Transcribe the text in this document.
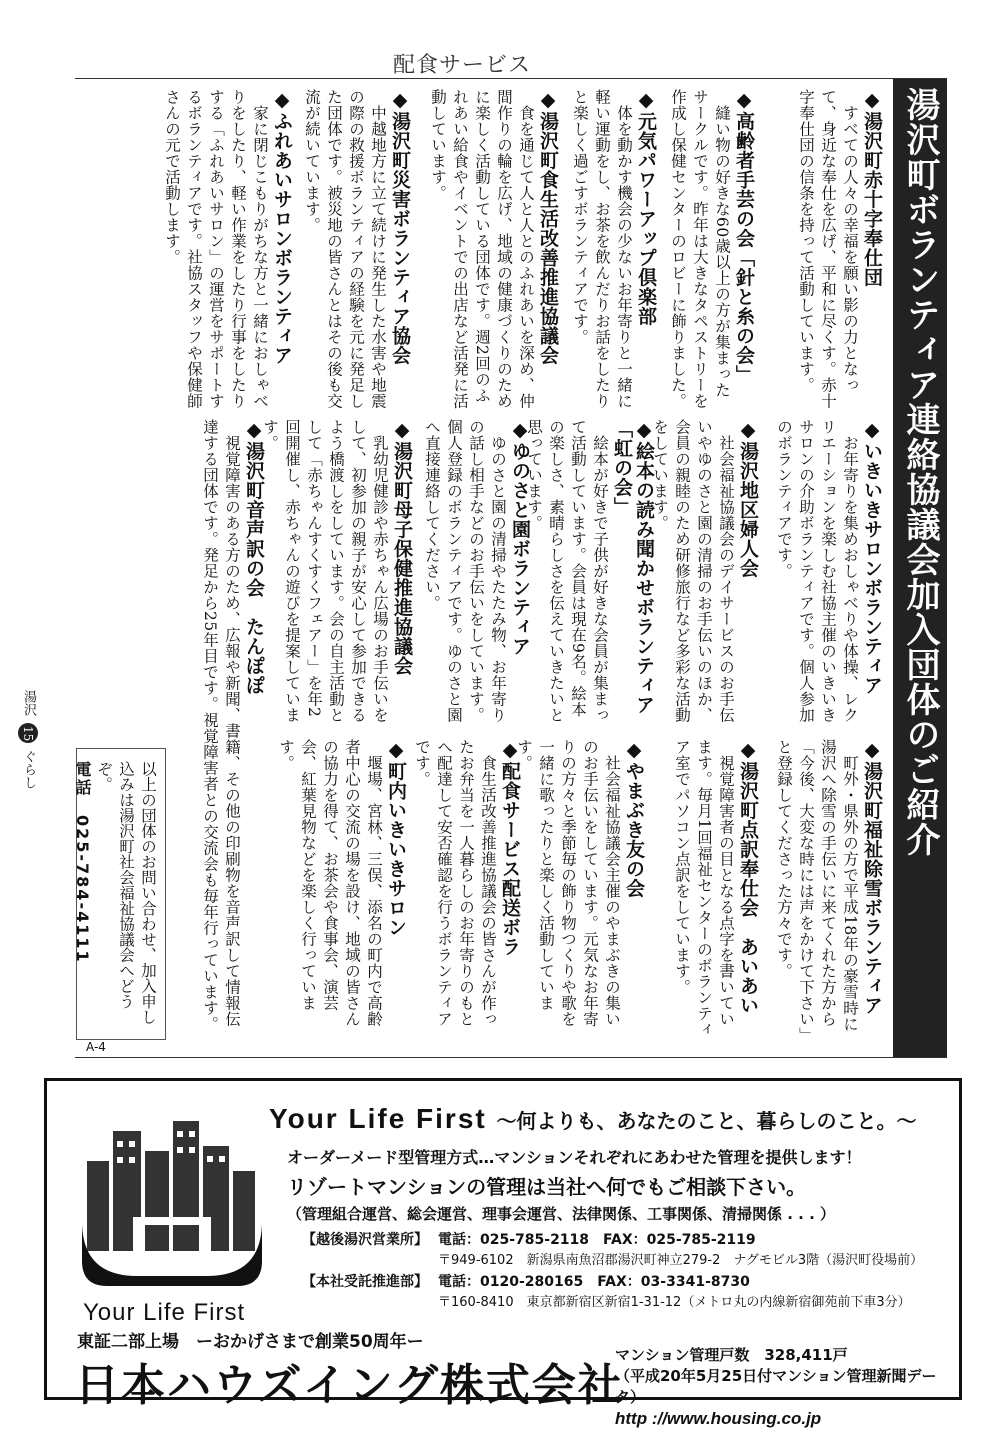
配食サービス
湯沢町ボランティア連絡協議会加入団体のご紹介
◆湯沢町赤十字奉仕団
すべての人々の幸福を願い影の力となって、身近な奉仕を広げ、平和に尽くす。赤十字奉仕団の信条を持って活動しています。
◆高齢者手芸の会「針と糸の会」
縫い物の好きな60歳以上の方が集まったサークルです。昨年は大きなタペストリーを作成し保健センターのロビーに飾りました。
◆元気パワーアップ倶楽部
体を動かす機会の少ないお年寄りと一緒に軽い運動をし、お茶を飲んだりお話をしたりと楽しく過ごすボランティアです。
◆湯沢町食生活改善推進協議会
食を通じて人と人とのふれあいを深め、仲間作りの輪を広げ、地域の健康づくりのために楽しく活動している団体です。週2回のふれあい給食やイベントでの出店など活発に活動しています。
◆湯沢町災害ボランティア協会
中越地方に立て続けに発生した水害や地震の際の救援ボランティアの経験を元に発足した団体です。被災地の皆さんとはその後も交流が続いています。
◆ふれあいサロンボランティア
家に閉じこもりがちな方と一緒におしゃべりをしたり、軽い作業をしたり行事をしたりする「ふれあいサロン」の運営をサポートするボランティアです。社協スタッフや保健師さんの元で活動します。
◆いきいきサロンボランティア
お年寄りを集めおしゃべりや体操、レクリエーションを楽しむ社協主催のいきいきサロンの介助ボランティアです。個人参加のボランティアです。
◆湯沢地区婦人会
社会福祉協議会のデイサービスのお手伝いやゆのさと園の清掃のお手伝いのほか、会員の親睦のため研修旅行など多彩な活動をしています。
◆絵本の読み聞かせボランティア「虹の会」
絵本が好きで子供が好きな会員が集まって活動しています。会員は現在9名。絵本の楽しさ、素晴らしさを伝えていきたいと思っています。
◆ゆのさと園ボランティア
ゆのさと園の清掃やたたみ物、お年寄りの話し相手などのお手伝いをしています。個人登録のボランティアです。ゆのさと園へ直接連絡してください。
◆湯沢町母子保健推進協議会
乳幼児健診や赤ちゃん広場のお手伝いをして、初参加の親子が安心して参加できるよう橋渡しをしています。会の自主活動として「赤ちゃんすくすくフェアー」を年2回開催し、赤ちゃんの遊びを提案しています。
◆湯沢町音声訳の会　たんぽぽ
視覚障害のある方のため、広報や新聞、書籍、その他の印刷物を音声訳して情報伝達する団体です。発足から25年目です。視覚障害者との交流会も毎年行っています。	◆湯沢町福祉除雪ボランティア
町外・県外の方で平成18年の豪雪時に湯沢へ除雪の手伝いに来てくれた方から「今後、大変な時には声をかけて下さい」と登録してくださった方々です。
◆湯沢町点訳奉仕会　あいあい
視覚障害者の目となる点字を書いています。毎月1回福祉センターのボランティア室でパソコン点訳をしています。
◆やまぶき友の会
社会福祉協議会主催のやまぶきの集いのお手伝いをしています。元気なお年寄りの方々と季節毎の飾り物つくりや歌を一緒に歌ったりと楽しく活動しています。
◆配食サービス配送ボラ
食生活改善推進協議会の皆さんが作ったお弁当を一人暮らしのお年寄りのもとへ配達して安否確認を行うボランティアです。
◆町内いきいきサロン
堰場、宮林、三俣、添名の町内で高齢者中心の交流の場を設け、地域の皆さんの協力を得て、お茶会や食事会、演芸会、紅葉見物などを楽しく行っています。
湯沢 15 ぐらし	以上の団体のお問い合わせ、加入申し込みは湯沢町社会福祉協議会へどうぞ。
電話　025-784-4111
A-4
Your Life First
Your Life First ～何よりも、あなたのこと、暮らしのこと。～
オーダーメード型管理方式…マンションそれぞれにあわせた管理を提供します！
リゾートマンションの管理は当社へ何でもご相談下さい。
（管理組合運営、総会運営、理事会運営、法律関係、工事関係、清掃関係 . . . ）
【越後湯沢営業所】 電話：025-785-2118　FAX：025-785-2119
〒949-6102　新潟県南魚沼郡湯沢町神立279-2　ナグモビル3階（湯沢町役場前）
【本社受託推進部】 電話：0120-280165　FAX：03-3341-8730
〒160-8410　東京都新宿区新宿1-31-12（メトロ丸の内線新宿御苑前下車3分）
東証二部上場　ーおかげさまで創業50周年ー
日本ハウズイング株式会社
マンション管理戸数　328,411戸
（平成20年5月25日付マンション管理新聞データ）
http ://www.housing.co.jp
